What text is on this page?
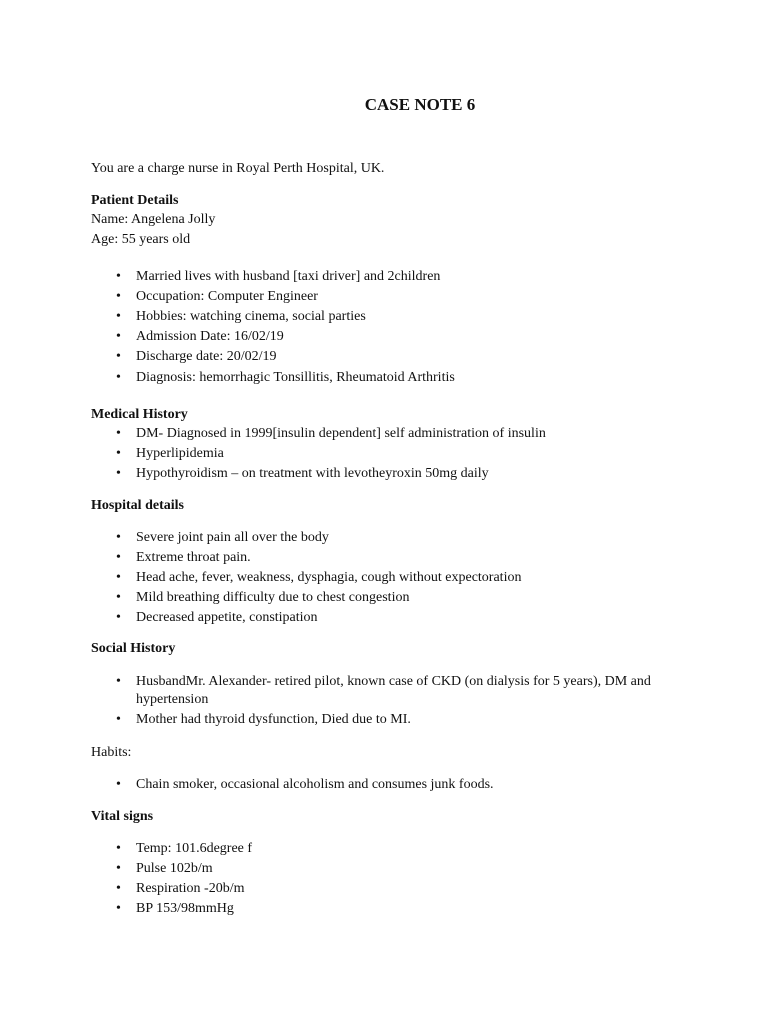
CASE NOTE 6

You are a charge nurse in Royal Perth Hospital, UK.

Patient Details

Name: Angelena Jolly

Age: 55 years old

• Married lives with husband [taxi driver] and 2children
• Occupation: Computer Engineer
• Hobbies: watching cinema, social parties
• Admission Date: 16/02/19
• Discharge date: 20/02/19
• Diagnosis: hemorrhagic Tonsillitis, Rheumatoid Arthritis

Medical History

• DM- Diagnosed in 1999[insulin dependent] self administration of insulin
• Hyperlipidemia
• Hypothyroidism – on treatment with levotheyroxin 50mg daily

Hospital details

• Severe joint pain all over the body
• Extreme throat pain.
• Head ache, fever, weakness, dysphagia, cough without expectoration
• Mild breathing difficulty due to chest congestion
• Decreased appetite, constipation

Social History

• HusbandMr. Alexander- retired pilot, known case of CKD (on dialysis for 5 years), DM and hypertension
• Mother had thyroid dysfunction, Died due to MI.

Habits:

• Chain smoker, occasional alcoholism and consumes junk foods.

Vital signs

• Temp: 101.6degree f
• Pulse 102b/m
• Respiration -20b/m
• BP 153/98mmHg
